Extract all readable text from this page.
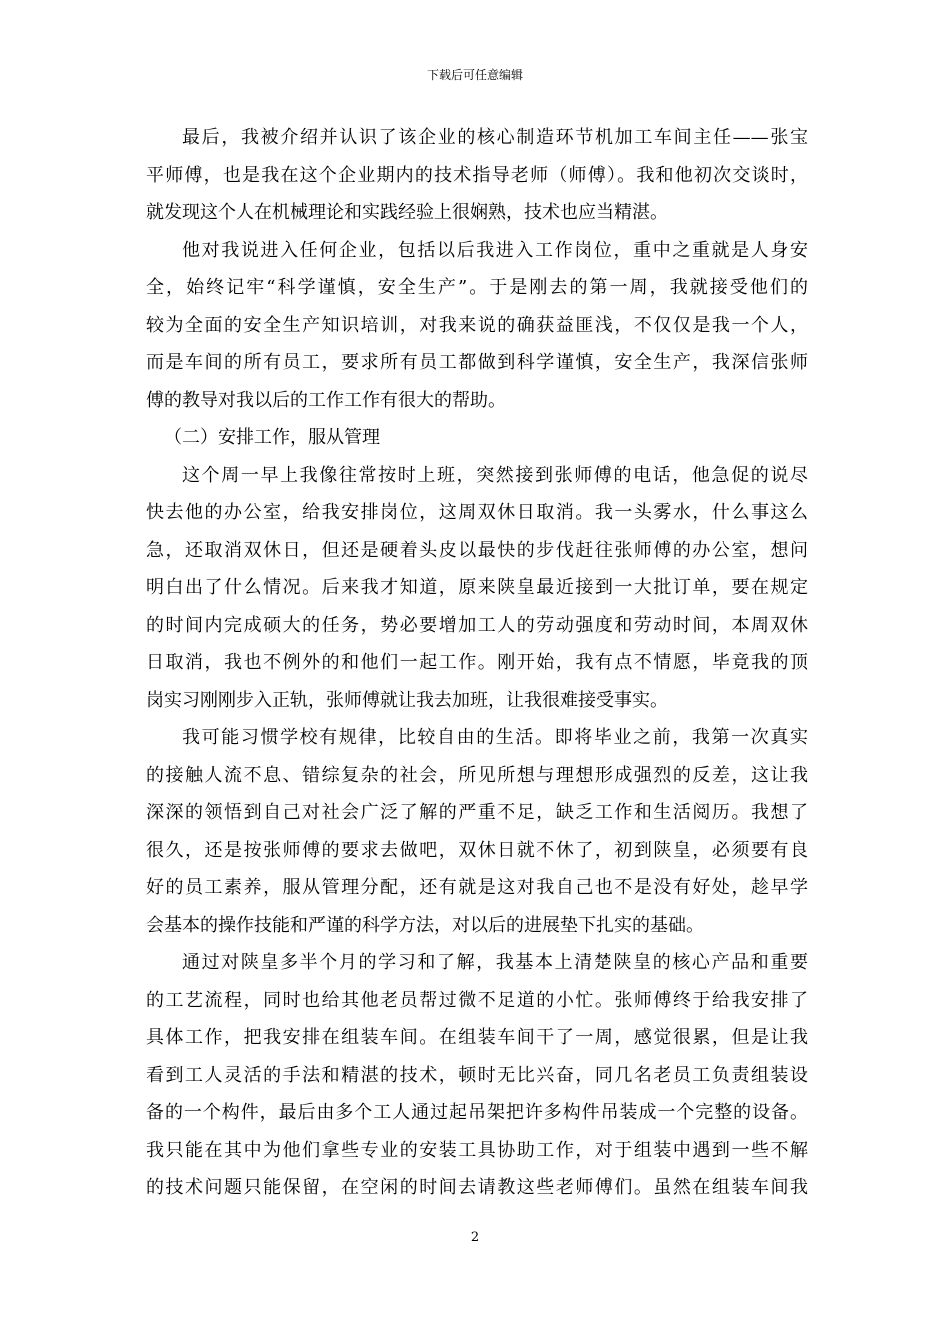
下载后可任意编辑
最后，我被介绍并认识了该企业的核心制造环节机加工车间主任——张宝
平师傅，也是我在这个企业期内的技术指导老师（师傅）。我和他初次交谈时，
就发现这个人在机械理论和实践经验上很娴熟，技术也应当精湛。
他对我说进入任何企业，包括以后我进入工作岗位，重中之重就是人身安
全，始终记牢“科学谨慎，安全生产”。于是刚去的第一周，我就接受他们的
较为全面的安全生产知识培训，对我来说的确获益匪浅，不仅仅是我一个人，
而是车间的所有员工，要求所有员工都做到科学谨慎，安全生产，我深信张师
傅的教导对我以后的工作工作有很大的帮助。
（二）安排工作，服从管理
这个周一早上我像往常按时上班，突然接到张师傅的电话，他急促的说尽
快去他的办公室，给我安排岗位，这周双休日取消。我一头雾水，什么事这么
急，还取消双休日，但还是硬着头皮以最快的步伐赶往张师傅的办公室，想问
明白出了什么情况。后来我才知道，原来陕皇最近接到一大批订单，要在规定
的时间内完成硕大的任务，势必要增加工人的劳动强度和劳动时间，本周双休
日取消，我也不例外的和他们一起工作。刚开始，我有点不情愿，毕竟我的顶
岗实习刚刚步入正轨，张师傅就让我去加班，让我很难接受事实。
我可能习惯学校有规律，比较自由的生活。即将毕业之前，我第一次真实
的接触人流不息、错综复杂的社会，所见所想与理想形成强烈的反差，这让我
深深的领悟到自己对社会广泛了解的严重不足，缺乏工作和生活阅历。我想了
很久，还是按张师傅的要求去做吧，双休日就不休了，初到陕皇，必须要有良
好的员工素养，服从管理分配，还有就是这对我自己也不是没有好处，趁早学
会基本的操作技能和严谨的科学方法，对以后的进展垫下扎实的基础。
通过对陕皇多半个月的学习和了解，我基本上清楚陕皇的核心产品和重要
的工艺流程，同时也给其他老员帮过微不足道的小忙。张师傅终于给我安排了
具体工作，把我安排在组装车间。在组装车间干了一周，感觉很累，但是让我
看到工人灵活的手法和精湛的技术，顿时无比兴奋，同几名老员工负责组装设
备的一个构件，最后由多个工人通过起吊架把许多构件吊装成一个完整的设备。
我只能在其中为他们拿些专业的安装工具协助工作，对于组装中遇到一些不解
的技术问题只能保留，在空闲的时间去请教这些老师傅们。虽然在组装车间我
2
